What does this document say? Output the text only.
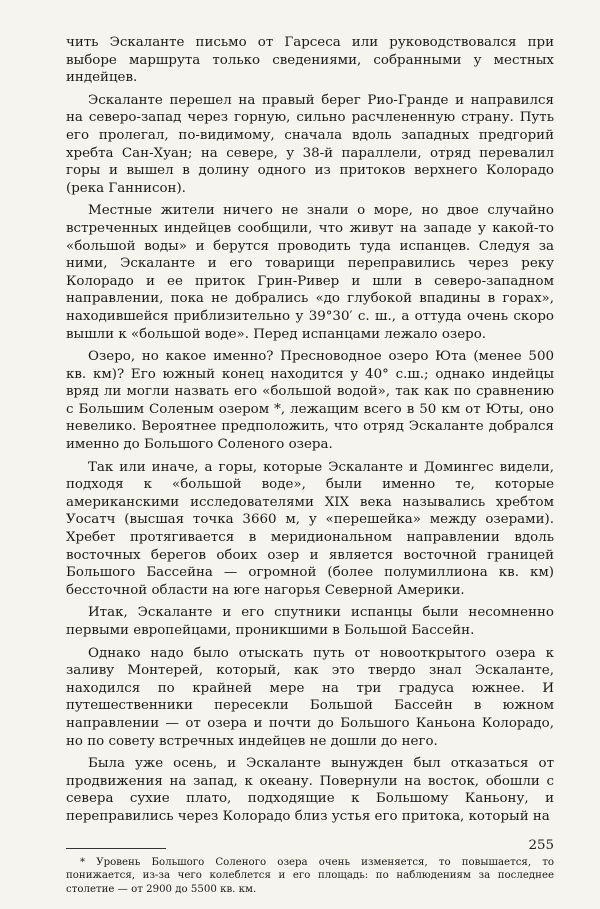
чить Эскаланте письмо от Гарсеса или руководствовался при выборе маршрута только сведениями, собранными у местных индейцев.

Эскаланте перешел на правый берег Рио-Гранде и направился на северо-запад через горную, сильно расчлененную страну. Путь его пролегал, по-видимому, сначала вдоль западных предгорий хребта Сан-Хуан; на севере, у 38-й параллели, отряд перевалил горы и вышел в долину одного из притоков верхнего Колорадо (река Ганнисон).

Местные жители ничего не знали о море, но двое случайно встреченных индейцев сообщили, что живут на западе у какой-то «большой воды» и берутся проводить туда испанцев. Следуя за ними, Эскаланте и его товарищи переправились через реку Колорадо и ее приток Грин-Ривер и шли в северо-западном направлении, пока не добрались «до глубокой впадины в горах», находившейся приблизительно у 39°30′ с. ш., а оттуда очень скоро вышли к «большой воде». Перед испанцами лежало озеро.

Озеро, но какое именно? Пресноводное озеро Юта (менее 500 кв. км)? Его южный конец находится у 40° с.ш.; однако индейцы вряд ли могли назвать его «большой водой», так как по сравнению с Большим Соленым озером *, лежащим всего в 50 км от Юты, оно невелико. Вероятнее предположить, что отряд Эскаланте добрался именно до Большого Соленого озера.

Так или иначе, а горы, которые Эскаланте и Домингес видели, подходя к «большой воде», были именно те, которые американскими исследователями XIX века назывались хребтом Уосатч (высшая точка 3660 м, у «перешейка» между озерами). Хребет протягивается в меридиональном направлении вдоль восточных берегов обоих озер и является восточной границей Большого Бассейна — огромной (более полумиллиона кв. км) бессточной области на юге нагорья Северной Америки.

Итак, Эскаланте и его спутники испанцы были несомненно первыми европейцами, проникшими в Большой Бассейн.

Однако надо было отыскать путь от новооткрытого озера к заливу Монтерей, который, как это твердо знал Эскаланте, находился по крайней мере на три градуса южнее. И путешественники пересекли Большой Бассейн в южном направлении — от озера и почти до Большого Каньона Колорадо, но по совету встречных индейцев не дошли до него.

Была уже осень, и Эскаланте вынужден был отказаться от продвижения на запад, к океану. Повернули на восток, обошли с севера сухие плато, подходящие к Большому Каньону, и переправились через Колорадо близ устья его притока, который на

* Уровень Большого Соленого озера очень изменяется, то повышается, то понижается, из-за чего колеблется и его площадь: по наблюдениям за последнее столетие — от 2900 до 5500 кв. км.

255
